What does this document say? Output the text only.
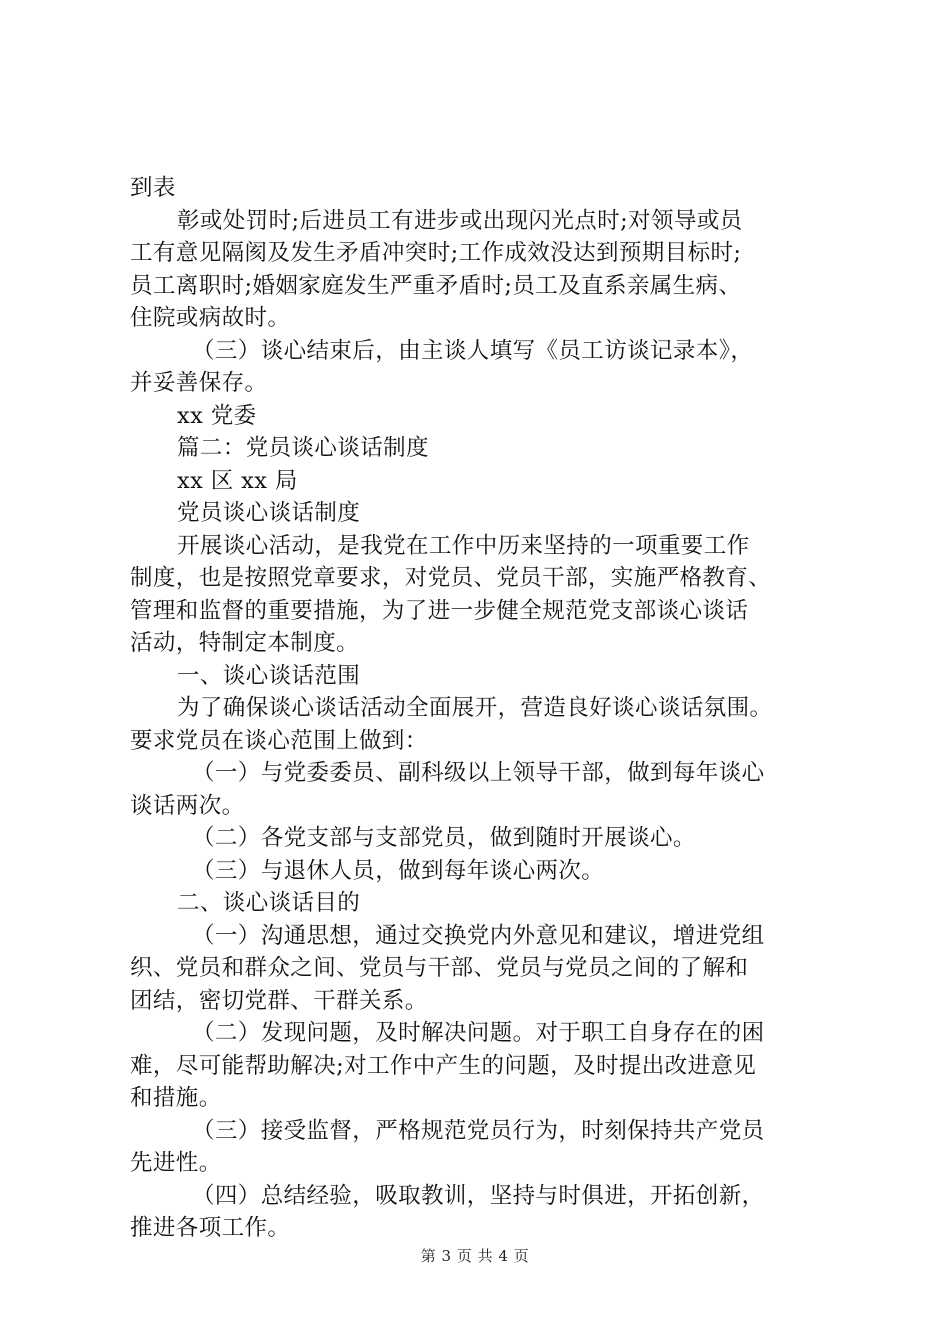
到表
彰或处罚时;后进员工有进步或出现闪光点时;对领导或员
工有意见隔阂及发生矛盾冲突时;工作成效没达到预期目标时;
员工离职时;婚姻家庭发生严重矛盾时;员工及直系亲属生病、
住院或病故时。
（三）谈心结束后，由主谈人填写《员工访谈记录本》，
并妥善保存。
xx 党委
篇二：党员谈心谈话制度
xx 区 xx 局
党员谈心谈话制度
开展谈心活动，是我党在工作中历来坚持的一项重要工作
制度，也是按照党章要求，对党员、党员干部，实施严格教育、
管理和监督的重要措施，为了进一步健全规范党支部谈心谈话
活动，特制定本制度。
一、谈心谈话范围
为了确保谈心谈话活动全面展开，营造良好谈心谈话氛围。
要求党员在谈心范围上做到：
（一）与党委委员、副科级以上领导干部，做到每年谈心
谈话两次。
（二）各党支部与支部党员，做到随时开展谈心。
（三）与退休人员，做到每年谈心两次。
二、谈心谈话目的
（一）沟通思想，通过交换党内外意见和建议，增进党组
织、党员和群众之间、党员与干部、党员与党员之间的了解和
团结，密切党群、干群关系。
（二）发现问题，及时解决问题。对于职工自身存在的困
难，尽可能帮助解决;对工作中产生的问题，及时提出改进意见
和措施。
（三）接受监督，严格规范党员行为，时刻保持共产党员
先进性。
（四）总结经验，吸取教训，坚持与时俱进，开拓创新，
推进各项工作。
第 3 页 共 4 页
